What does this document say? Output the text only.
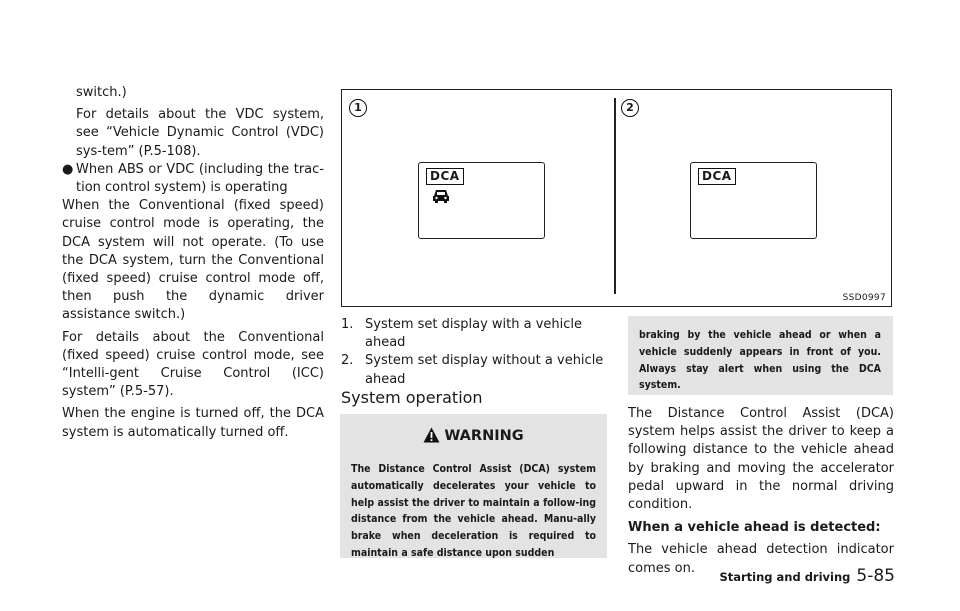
switch.)

For details about the VDC system, see “Vehicle Dynamic Control (VDC) sys-tem” (P.5-108).

● When ABS or VDC (including the trac-tion control system) is operating

When the Conventional (fixed speed) cruise control mode is operating, the DCA system will not operate. (To use the DCA system, turn the Conventional (fixed speed) cruise control mode off, then push the dynamic driver assistance switch.)

For details about the Conventional (fixed speed) cruise control mode, see “Intelli-gent Cruise Control (ICC) system” (P.5-57).

When the engine is turned off, the DCA system is automatically turned off.

1
DCA
2
DCA
SSD0997

1. System set display with a vehicle ahead

2. System set display without a vehicle ahead

System operation
WARNING

The Distance Control Assist (DCA) system automatically decelerates your vehicle to help assist the driver to maintain a follow-ing distance from the vehicle ahead. Manu-ally brake when deceleration is required to maintain a safe distance upon sudden

braking by the vehicle ahead or when a vehicle suddenly appears in front of you. Always stay alert when using the DCA system.

The Distance Control Assist (DCA) system helps assist the driver to keep a following distance to the vehicle ahead by braking and moving the accelerator pedal upward in the normal driving condition.

When a vehicle ahead is detected:

The vehicle ahead detection indicator comes on.

Starting and driving 5-85
